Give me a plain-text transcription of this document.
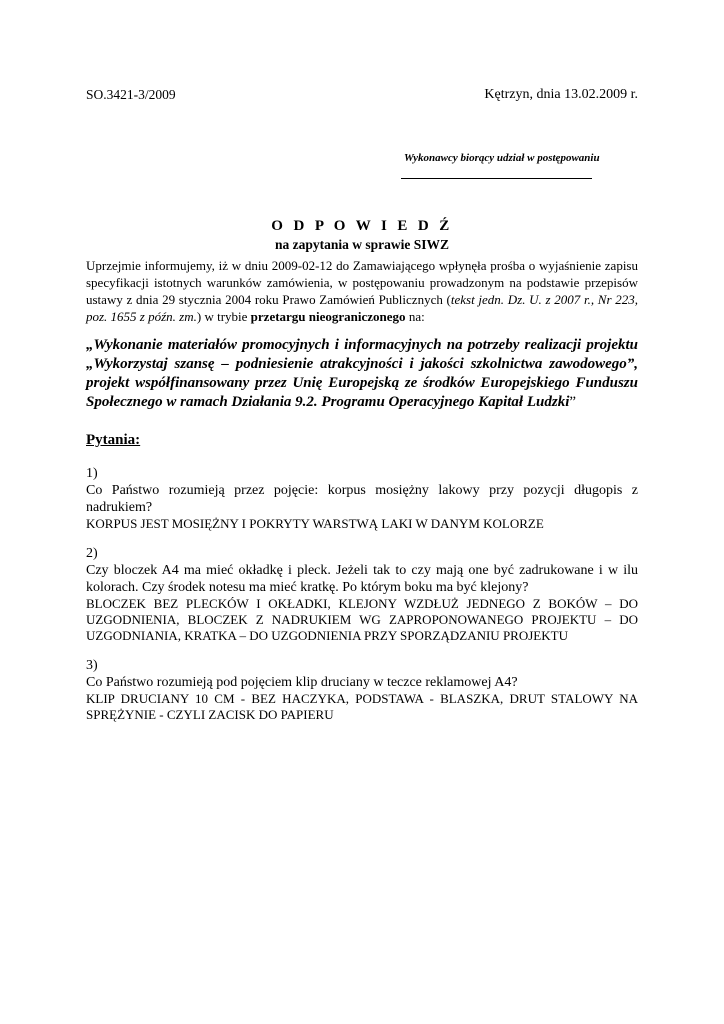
SO.3421-3/2009	Kętrzyn, dnia 13.02.2009 r.
Wykonawcy biorący udział w postępowaniu
O D P O W I E D Ź
na zapytania w sprawie SIWZ
Uprzejmie informujemy, iż w dniu 2009-02-12 do Zamawiającego wpłynęła prośba o wyjaśnienie zapisu specyfikacji istotnych warunków zamówienia, w postępowaniu prowadzonym na podstawie przepisów ustawy z dnia 29 stycznia 2004 roku Prawo Zamówień Publicznych (tekst jedn. Dz. U. z 2007 r., Nr 223, poz. 1655 z późn. zm.) w trybie przetargu nieograniczonego na:
„Wykonanie materiałów promocyjnych i informacyjnych na potrzeby realizacji projektu „Wykorzystaj szansę – podniesienie atrakcyjności i jakości szkolnictwa zawodowego”, projekt współfinansowany przez Unię Europejską ze środków Europejskiego Funduszu Społecznego w ramach Działania 9.2. Programu Operacyjnego Kapitał Ludzki”
Pytania:
1)
Co Państwo rozumieją przez pojęcie: korpus mosiężny lakowy przy pozycji długopis z nadrukiem?
KORPUS JEST MOSIĘŻNY I POKRYTY WARSTWĄ LAKI W DANYM KOLORZE
2)
Czy bloczek A4 ma mieć okładkę i pleck. Jeżeli tak to czy mają one być zadrukowane i w ilu kolorach. Czy środek notesu ma mieć kratkę. Po którym boku ma być klejony?
BLOCZEK BEZ PLECKÓW I OKŁADKI, KLEJONY WZDŁUŻ JEDNEGO Z BOKÓW – DO UZGODNIENIA, BLOCZEK Z NADRUKIEM WG ZAPROPONOWANEGO PROJEKTU – DO UZGODNIANIA, KRATKA – DO UZGODNIENIA PRZY SPORZĄDZANIU PROJEKTU
3)
Co Państwo rozumieją pod pojęciem klip druciany w teczce reklamowej A4?
KLIP DRUCIANY 10 CM - BEZ HACZYKA, PODSTAWA - BLASZKA, DRUT STALOWY NA SPRĘŻYNIE - CZYLI ZACISK DO PAPIERU
